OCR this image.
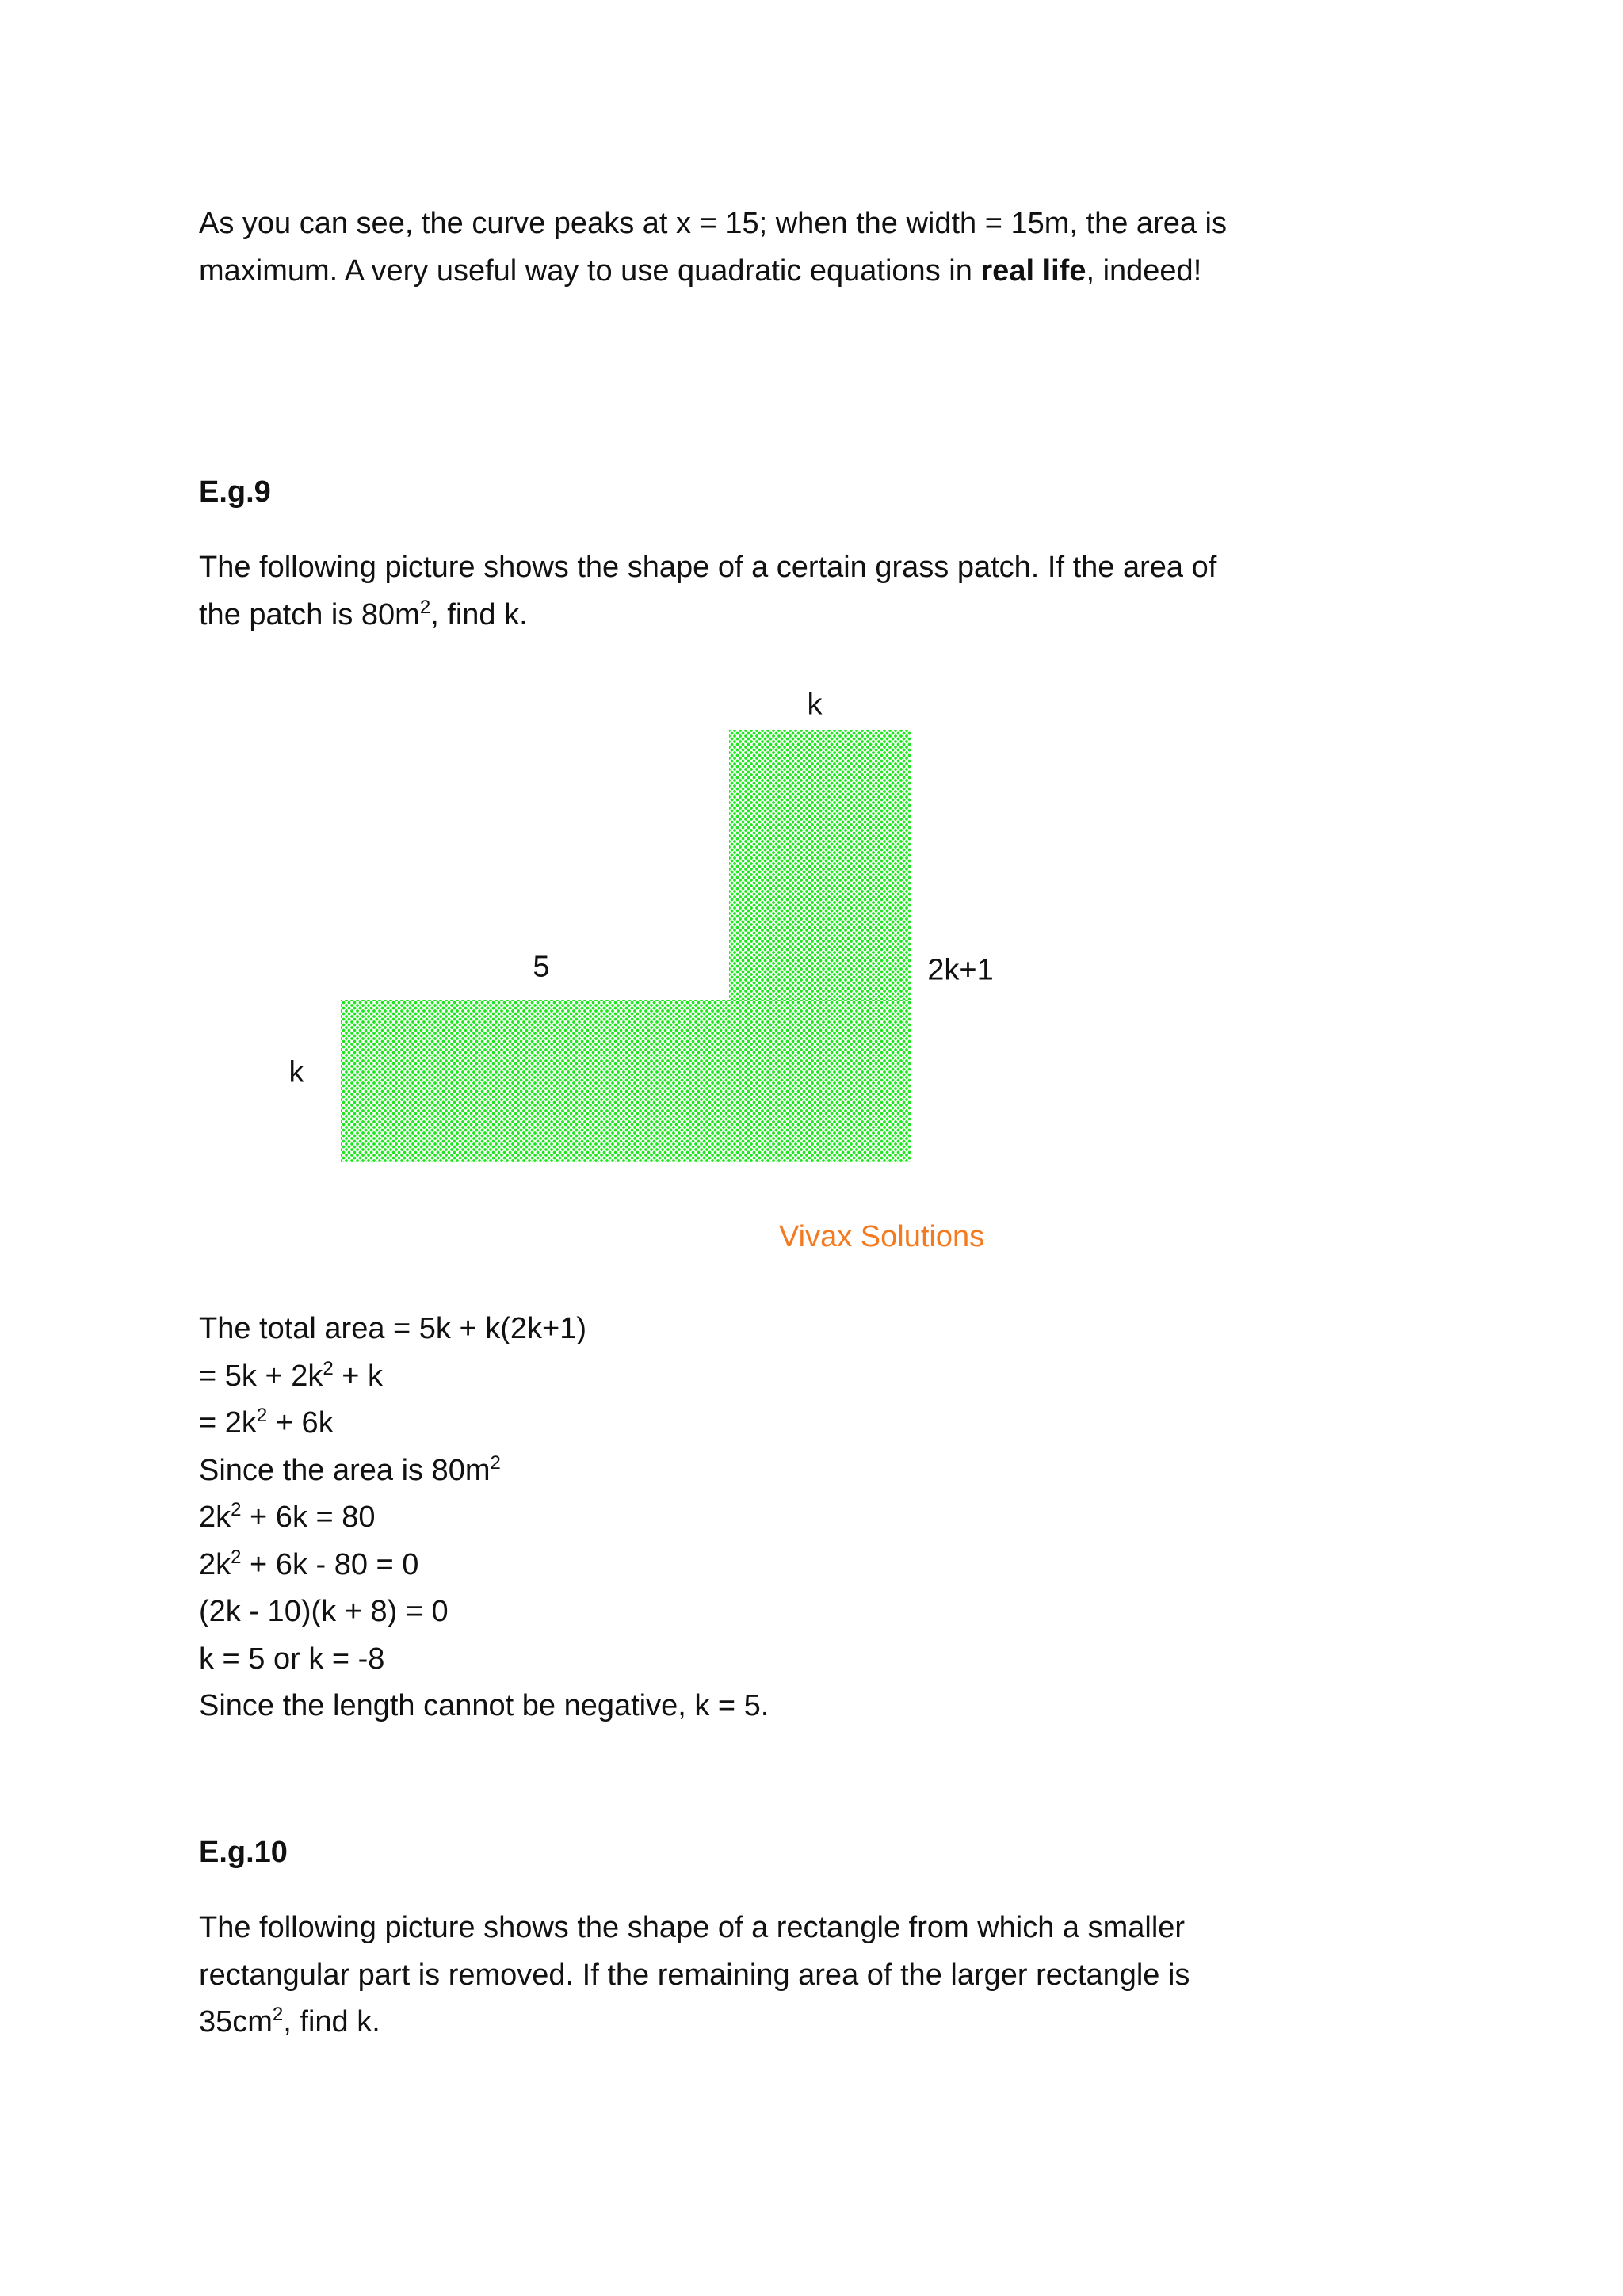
As you can see, the curve peaks at x = 15; when the width = 15m, the area is
maximum. A very useful way to use quadratic equations in real life, indeed!
E.g.9
The following picture shows the shape of a certain grass patch. If the area of
the patch is $80m^2$, find k.
k
5	2k+1
k
Vivax Solutions
The total area = 5k + k(2k+1)
= $5k + 2k^2 + k$
= $2k^2 + 6k$
Since the area is $80m^2$
$2k^2 + 6k = 80$
$2k^2 + 6k - 80 = 0$
(2k - 10)(k + 8) = 0
k = 5 or k = -8
Since the length cannot be negative, k = 5.
E.g.10
The following picture shows the shape of a rectangle from which a smaller
rectangular part is removed. If the remaining area of the larger rectangle is
$35cm^2$, find k.
